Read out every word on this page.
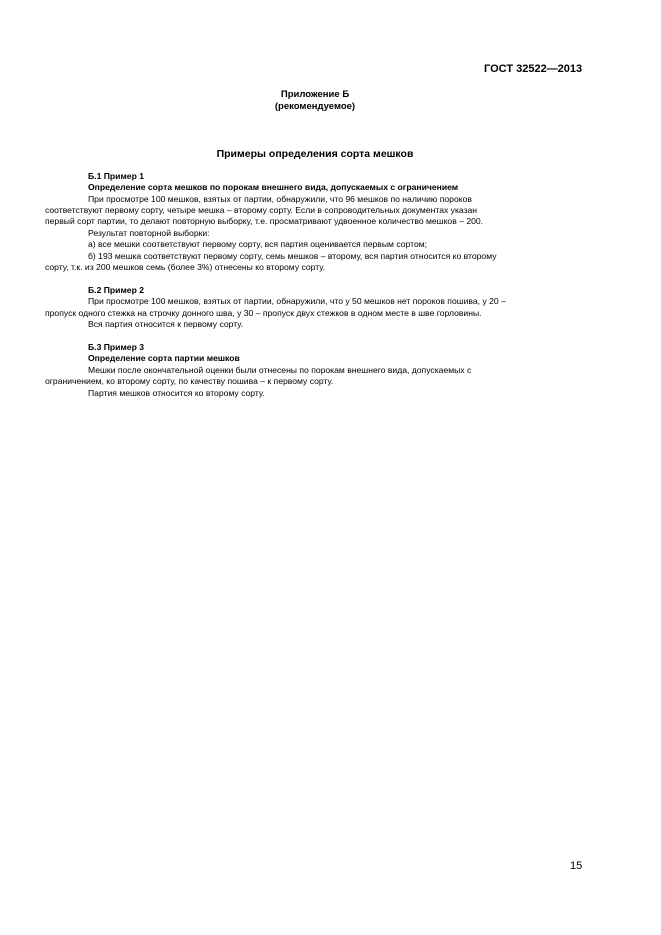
ГОСТ 32522—2013
Приложение Б
(рекомендуемое)
Примеры определения сорта мешков
Б.1 Пример 1
Определение сорта мешков по порокам внешнего вида, допускаемых с ограничением
При просмотре 100 мешков, взятых от партии, обнаружили, что 96 мешков по наличию пороков
соответствуют первому сорту, четыре мешка – второму сорту. Если в сопроводительных документах указан
первый сорт партии, то делают повторную выборку, т.е. просматривают удвоенное количество мешков – 200.
Результат повторной выборки:
а) все мешки соответствуют первому сорту, вся партия оценивается первым сортом;
б) 193 мешка соответствуют первому сорту, семь мешков – второму, вся партия относится ко второму
сорту, т.к. из 200 мешков семь (более 3%) отнесены ко второму сорту.
Б.2 Пример 2
При просмотре 100 мешков, взятых от партии, обнаружили, что у 50 мешков нет пороков пошива, у 20 –
пропуск одного стежка на строчку донного шва, у 30 – пропуск двух стежков в одном месте в шве горловины.
Вся партия относится к первому сорту.
Б.3 Пример 3
Определение сорта партии мешков
Мешки после окончательной оценки были отнесены по порокам внешнего вида, допускаемых с
ограничением, ко второму сорту, по качеству пошива – к первому сорту.
Партия мешков относится ко второму сорту.
15
